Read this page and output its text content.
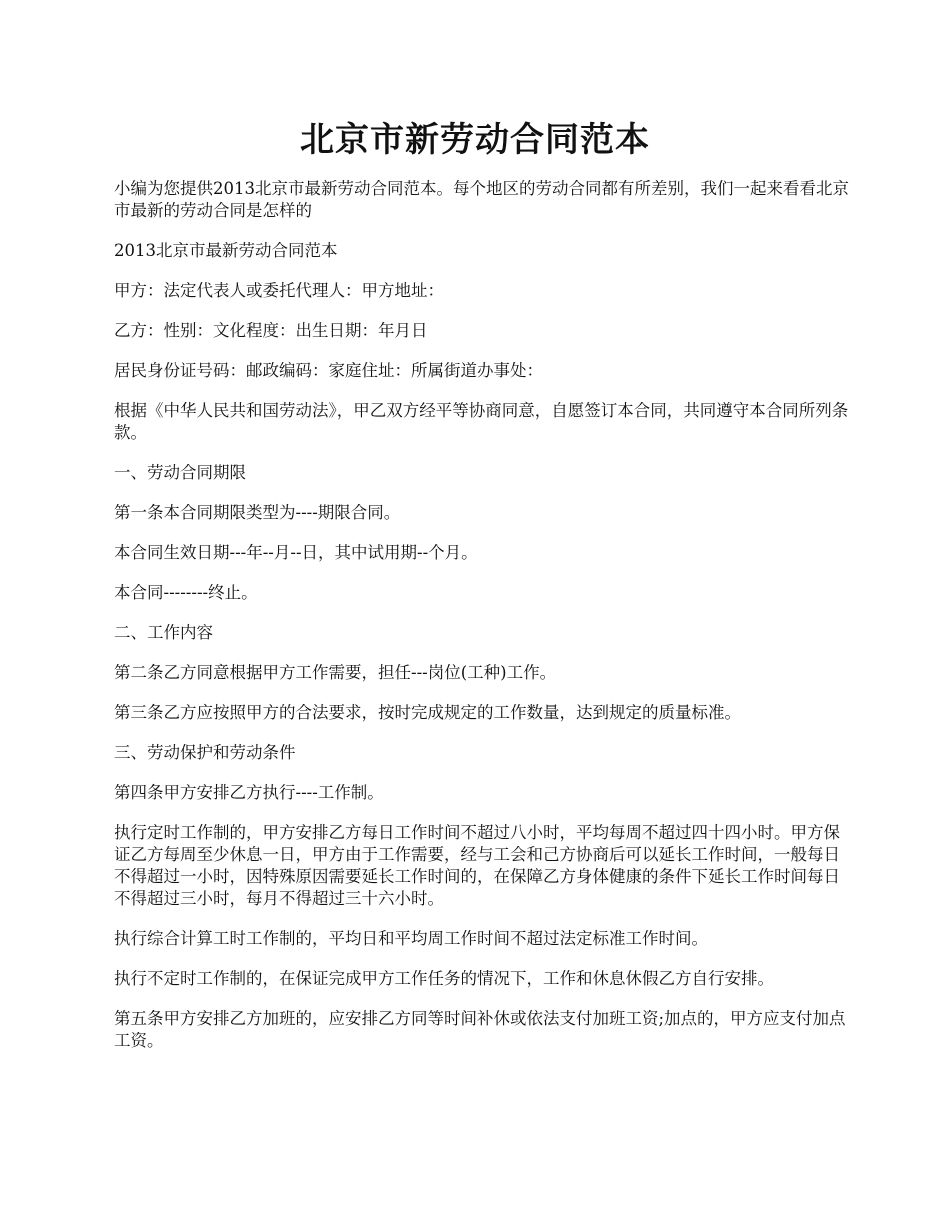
北京市新劳动合同范本

小编为您提供2013北京市最新劳动合同范本。每个地区的劳动合同都有所差别，我们一起来看看北京市最新的劳动合同是怎样的

2013北京市最新劳动合同范本

甲方：法定代表人或委托代理人：甲方地址：

乙方：性别：文化程度：出生日期：年月日

居民身份证号码：邮政编码：家庭住址：所属街道办事处：

根据《中华人民共和国劳动法》，甲乙双方经平等协商同意，自愿签订本合同，共同遵守本合同所列条款。

一、劳动合同期限

第一条本合同期限类型为----期限合同。

本合同生效日期---年--月--日，其中试用期--个月。

本合同--------终止。

二、工作内容

第二条乙方同意根据甲方工作需要，担任---岗位(工种)工作。

第三条乙方应按照甲方的合法要求，按时完成规定的工作数量，达到规定的质量标准。

三、劳动保护和劳动条件

第四条甲方安排乙方执行----工作制。

执行定时工作制的，甲方安排乙方每日工作时间不超过八小时，平均每周不超过四十四小时。甲方保证乙方每周至少休息一日，甲方由于工作需要，经与工会和己方协商后可以延长工作时间，一般每日不得超过一小时，因特殊原因需要延长工作时间的，在保障乙方身体健康的条件下延长工作时间每日不得超过三小时，每月不得超过三十六小时。

执行综合计算工时工作制的，平均日和平均周工作时间不超过法定标准工作时间。

执行不定时工作制的，在保证完成甲方工作任务的情况下，工作和休息休假乙方自行安排。

第五条甲方安排乙方加班的，应安排乙方同等时间补休或依法支付加班工资;加点的，甲方应支付加点工资。
